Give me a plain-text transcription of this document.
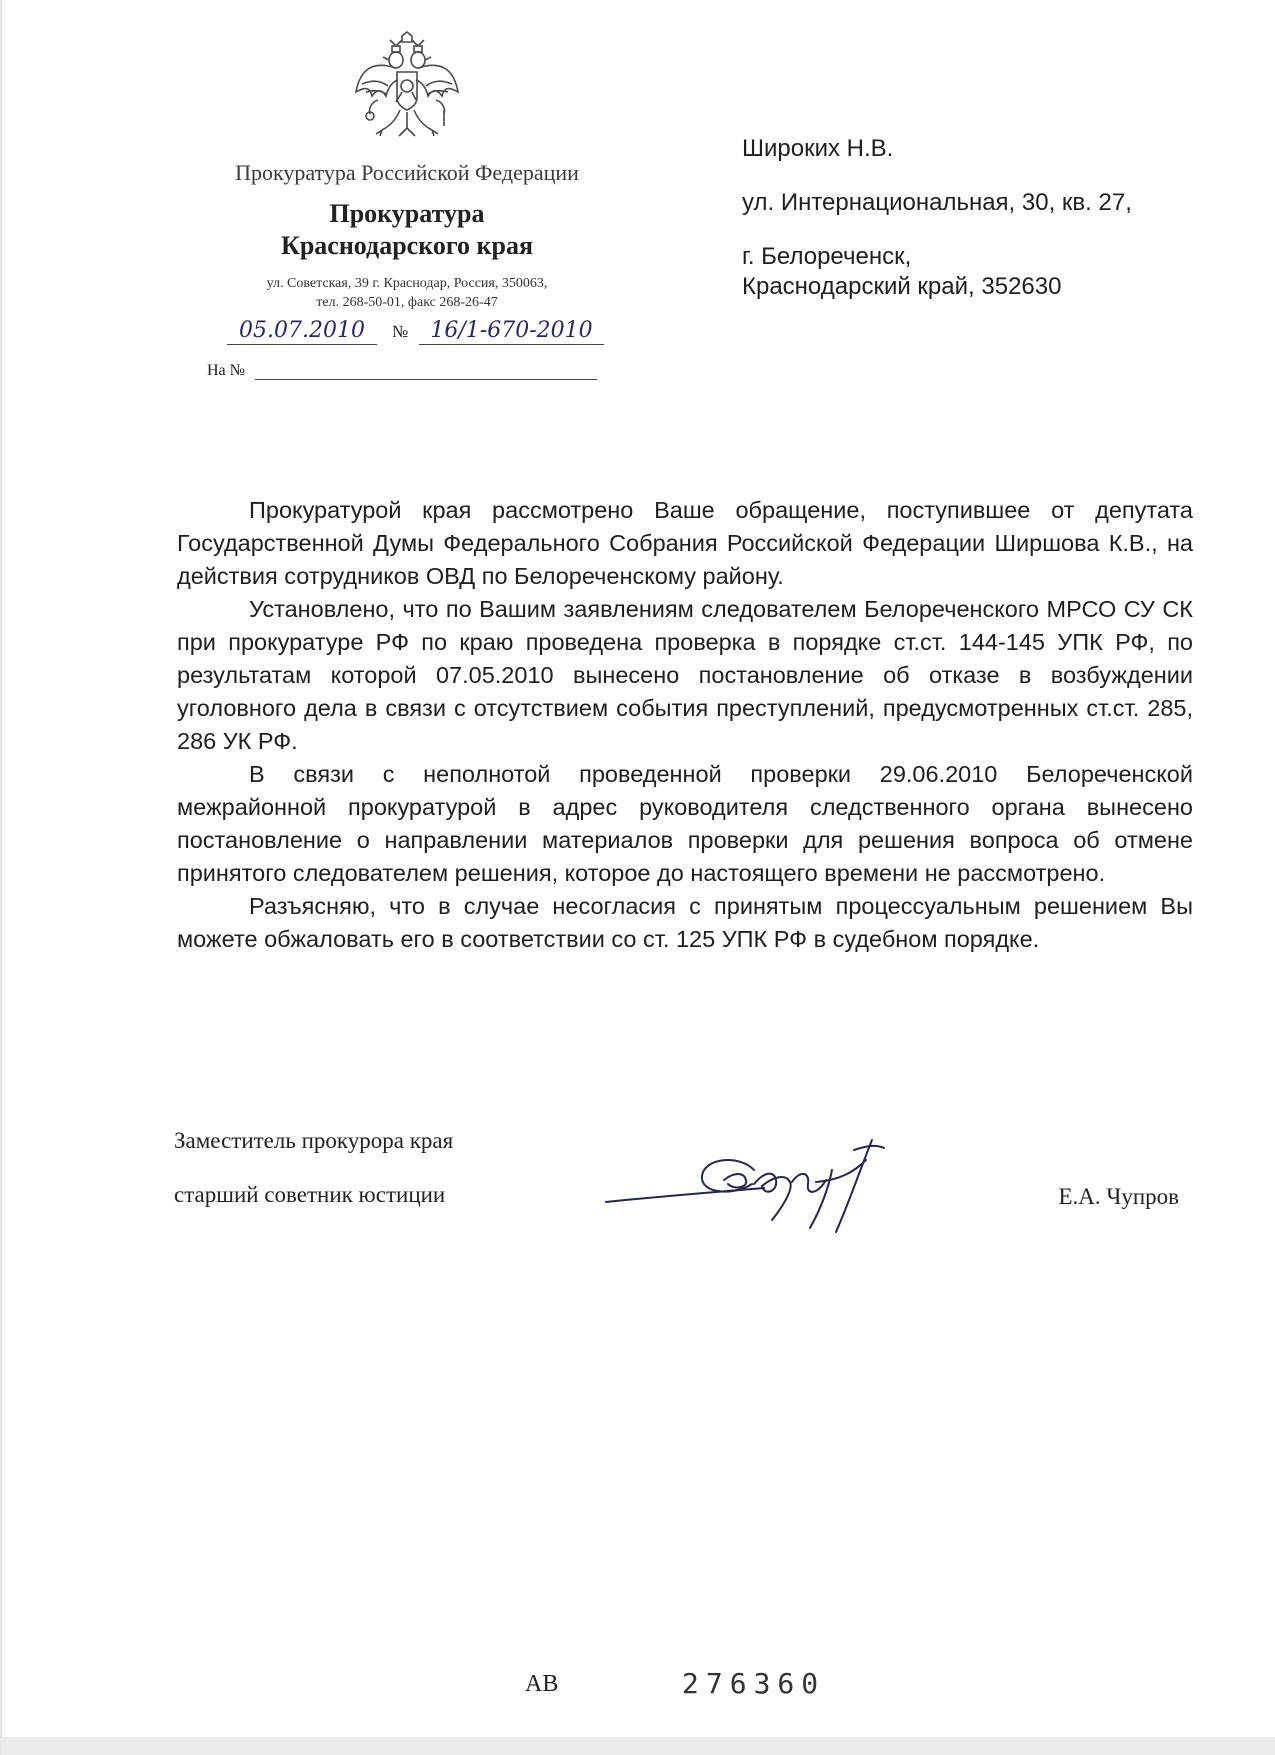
Прокуратура Российской Федерации
Прокуратура
Краснодарского края
ул. Советская, 39 г. Краснодар, Россия, 350063,
тел. 268-50-01, факс 268-26-47
05.07.2010	№	16/1-670-2010
На №
Широких Н.В.
ул. Интернациональная, 30, кв. 27,
г. Белореченск,
Краснодарский край, 352630

Прокуратурой края рассмотрено Ваше обращение, поступившее от депутата Государственной Думы Федерального Собрания Российской Федерации Ширшова К.В., на действия сотрудников ОВД по Белореченскому району.

Установлено, что по Вашим заявлениям следователем Белореченского МРСО СУ СК при прокуратуре РФ по краю проведена проверка в порядке ст.ст. 144-145 УПК РФ, по результатам которой 07.05.2010 вынесено постановление об отказе в возбуждении уголовного дела в связи с отсутствием события преступлений, предусмотренных ст.ст. 285, 286 УК РФ.

В связи с неполнотой проведенной проверки 29.06.2010 Белореченской межрайонной прокуратурой в адрес руководителя следственного органа вынесено постановление о направлении материалов проверки для решения вопроса об отмене принятого следователем решения, которое до настоящего времени не рассмотрено.

Разъясняю, что в случае несогласия с принятым процессуальным решением Вы можете обжаловать его в соответствии со ст. 125 УПК РФ в судебном порядке.

Заместитель прокурора края
старший советник юстиции	Е.А. Чупров
АВ	276360
